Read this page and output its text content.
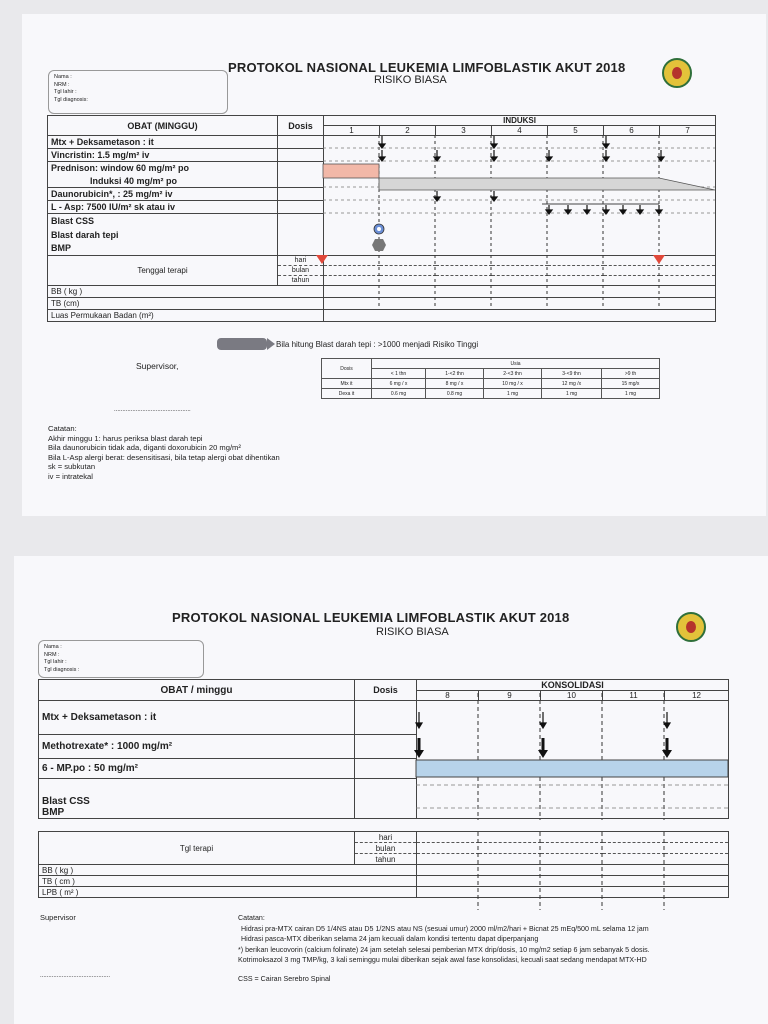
PROTOKOL NASIONAL LEUKEMIA LIMFOBLASTIK AKUT 2018
RISIKO BIASA
Nama :
NRM :
Tgl lahir :
Tgl diagnosis:
OBAT (MINGGU)	Dosis	INDUKSI						
		1	2	3	4	5	6	7
Mtx + Deksametason : it								
Vincristin: 1.5 mg/m² iv								
Prednison: window 60 mg/m² po								
Induksi 40 mg/m² po								
Daunorubicin*, : 25 mg/m² iv								
L - Asp: 7500 IU/m² sk atau iv								
Blast CSS								
Blast darah tepi								
BMP								
Tenggal terapi	hari							
	bulan							
	tahun							
BB ( kg )								
TB (cm)								
Luas Permukaan Badan (m²)								
Bila hitung Blast darah tepi : >1000 menjadi Risiko Tinggi
Supervisor,
..............................................
Dosis	Usia				
	< 1 thn	1-<2 thn	2-<3 thn	3-<9 thn	>9 th
Mtx it	6 mg / x	8 mg / x	10 mg / x	12 mg /x	15 mg/x
Dexa it	0.6 mg	0.8 mg	1 mg	1 mg	1 mg
Catatan:
Akhir minggu 1: harus periksa blast darah tepi
Bila daunorubicin tidak ada, diganti doxorubicin 20 mg/m²
Bila L-Asp alergi berat: desensitisasi, bila tetap alergi obat dihentikan
sk = subkutan
iv = intratekal
PROTOKOL NASIONAL LEUKEMIA LIMFOBLASTIK AKUT 2018
RISIKO BIASA
Nama :
NRM :
Tgl lahir :
Tgl diagnosis :
OBAT / minggu	Dosis	KONSOLIDASI				
		8	9	10	11	12
Mtx + Deksametason : it						
Methotrexate* : 1000 mg/m²						
6 - MP.po : 50 mg/m²						
Blast CSS						
BMP						
Tgl terapi	hari	
	bulan	
	tahun	
BB ( kg )		
TB ( cm )		
LPB ( m² )		
Supervisor
..........................................
Catatan:
Hidrasi pra-MTX cairan D5 1/4NS atau D5 1/2NS atau NS (sesuai umur) 2000 ml/m2/hari + Bicnat 25 mEq/500 mL selama 12 jam
Hidrasi pasca-MTX diberikan selama 24 jam kecuali dalam kondisi tertentu dapat diperpanjang
*) berikan leucovorin (calcium folinate) 24 jam setelah selesai pemberian MTX drip/dosis, 10 mg/m2 setiap 6 jam sebanyak 5 dosis.
Kotrimoksazol 3 mg TMP/kg, 3 kali seminggu mulai diberikan sejak awal fase konsolidasi, kecuali saat sedang mendapat MTX-HD
CSS = Cairan Serebro Spinal
